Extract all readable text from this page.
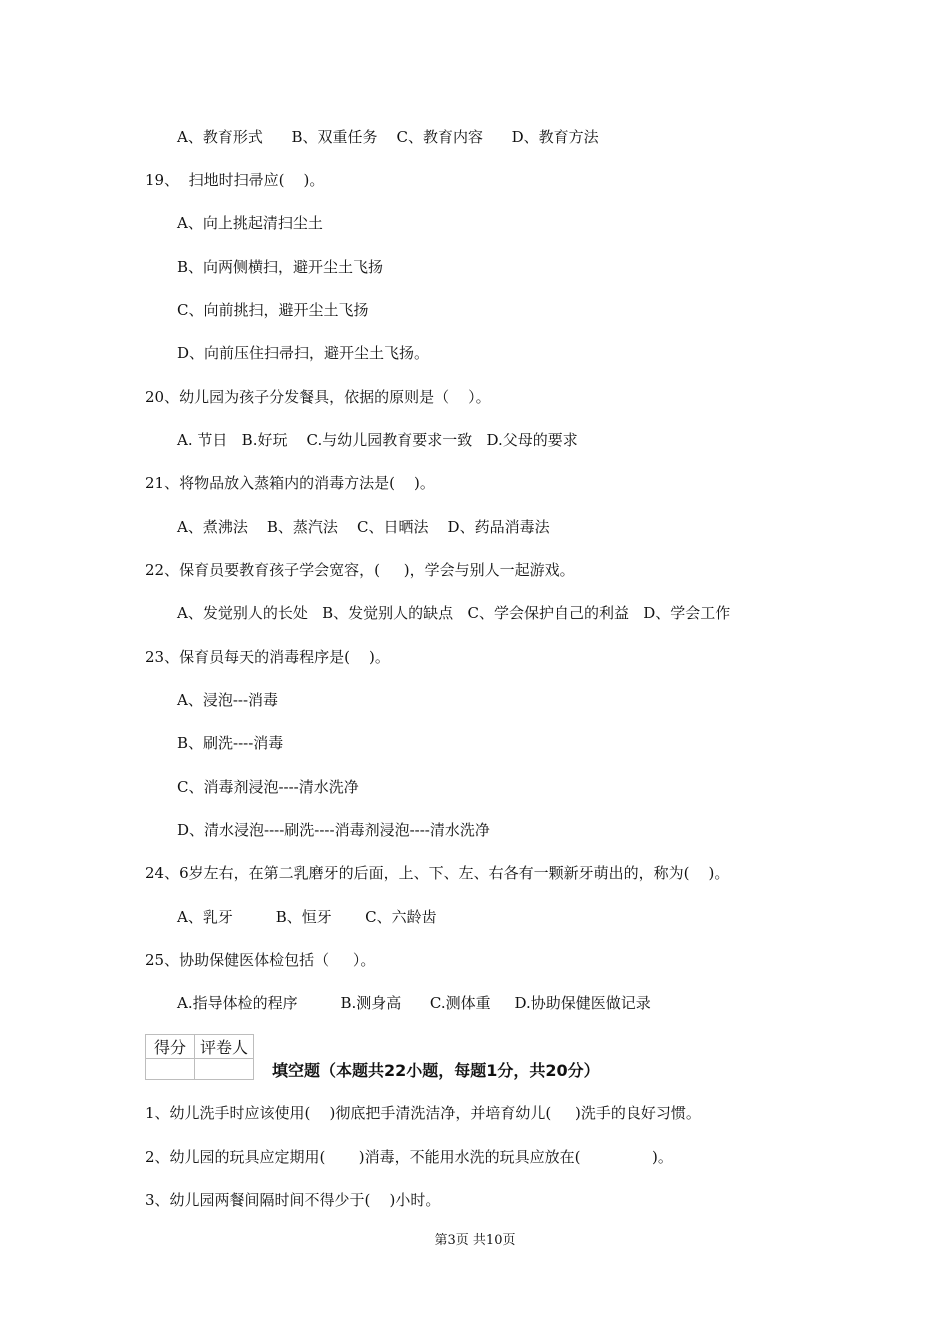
A、教育形式      B、双重任务    C、教育内容      D、教育方法
19、  扫地时扫帚应(    )。
A、向上挑起清扫尘土
B、向两侧横扫，避开尘土飞扬
C、向前挑扫，避开尘土飞扬
D、向前压住扫帚扫，避开尘土飞扬。
20、幼儿园为孩子分发餐具，依据的原则是（    ）。
A. 节日   B.好玩    C.与幼儿园教育要求一致   D.父母的要求
21、将物品放入蒸箱内的消毒方法是(    )。
A、煮沸法    B、蒸汽法    C、日晒法    D、药品消毒法
22、保育员要教育孩子学会宽容，(     )，学会与别人一起游戏。
A、发觉别人的长处   B、发觉别人的缺点   C、学会保护自己的利益   D、学会工作
23、保育员每天的消毒程序是(    )。
A、浸泡---消毒
B、刷洗----消毒
C、消毒剂浸泡----清水洗净
D、清水浸泡----刷洗----消毒剂浸泡----清水洗净
24、6岁左右，在第二乳磨牙的后面，上、下、左、右各有一颗新牙萌出的，称为(    )。
A、乳牙         B、恒牙       C、六龄齿
25、协助保健医体检包括（     ）。
A.指导体检的程序         B.测身高      C.测体重     D.协助保健医做记录
1、幼儿洗手时应该使用(    )彻底把手清洗洁净，并培育幼儿(     )洗手的良好习惯。
2、幼儿园的玩具应定期用(       )消毒，不能用水洗的玩具应放在(               )。
3、幼儿园两餐间隔时间不得少于(    )小时。
得分	评卷人

填空题（本题共22小题，每题1分，共20分）
第3页 共10页
